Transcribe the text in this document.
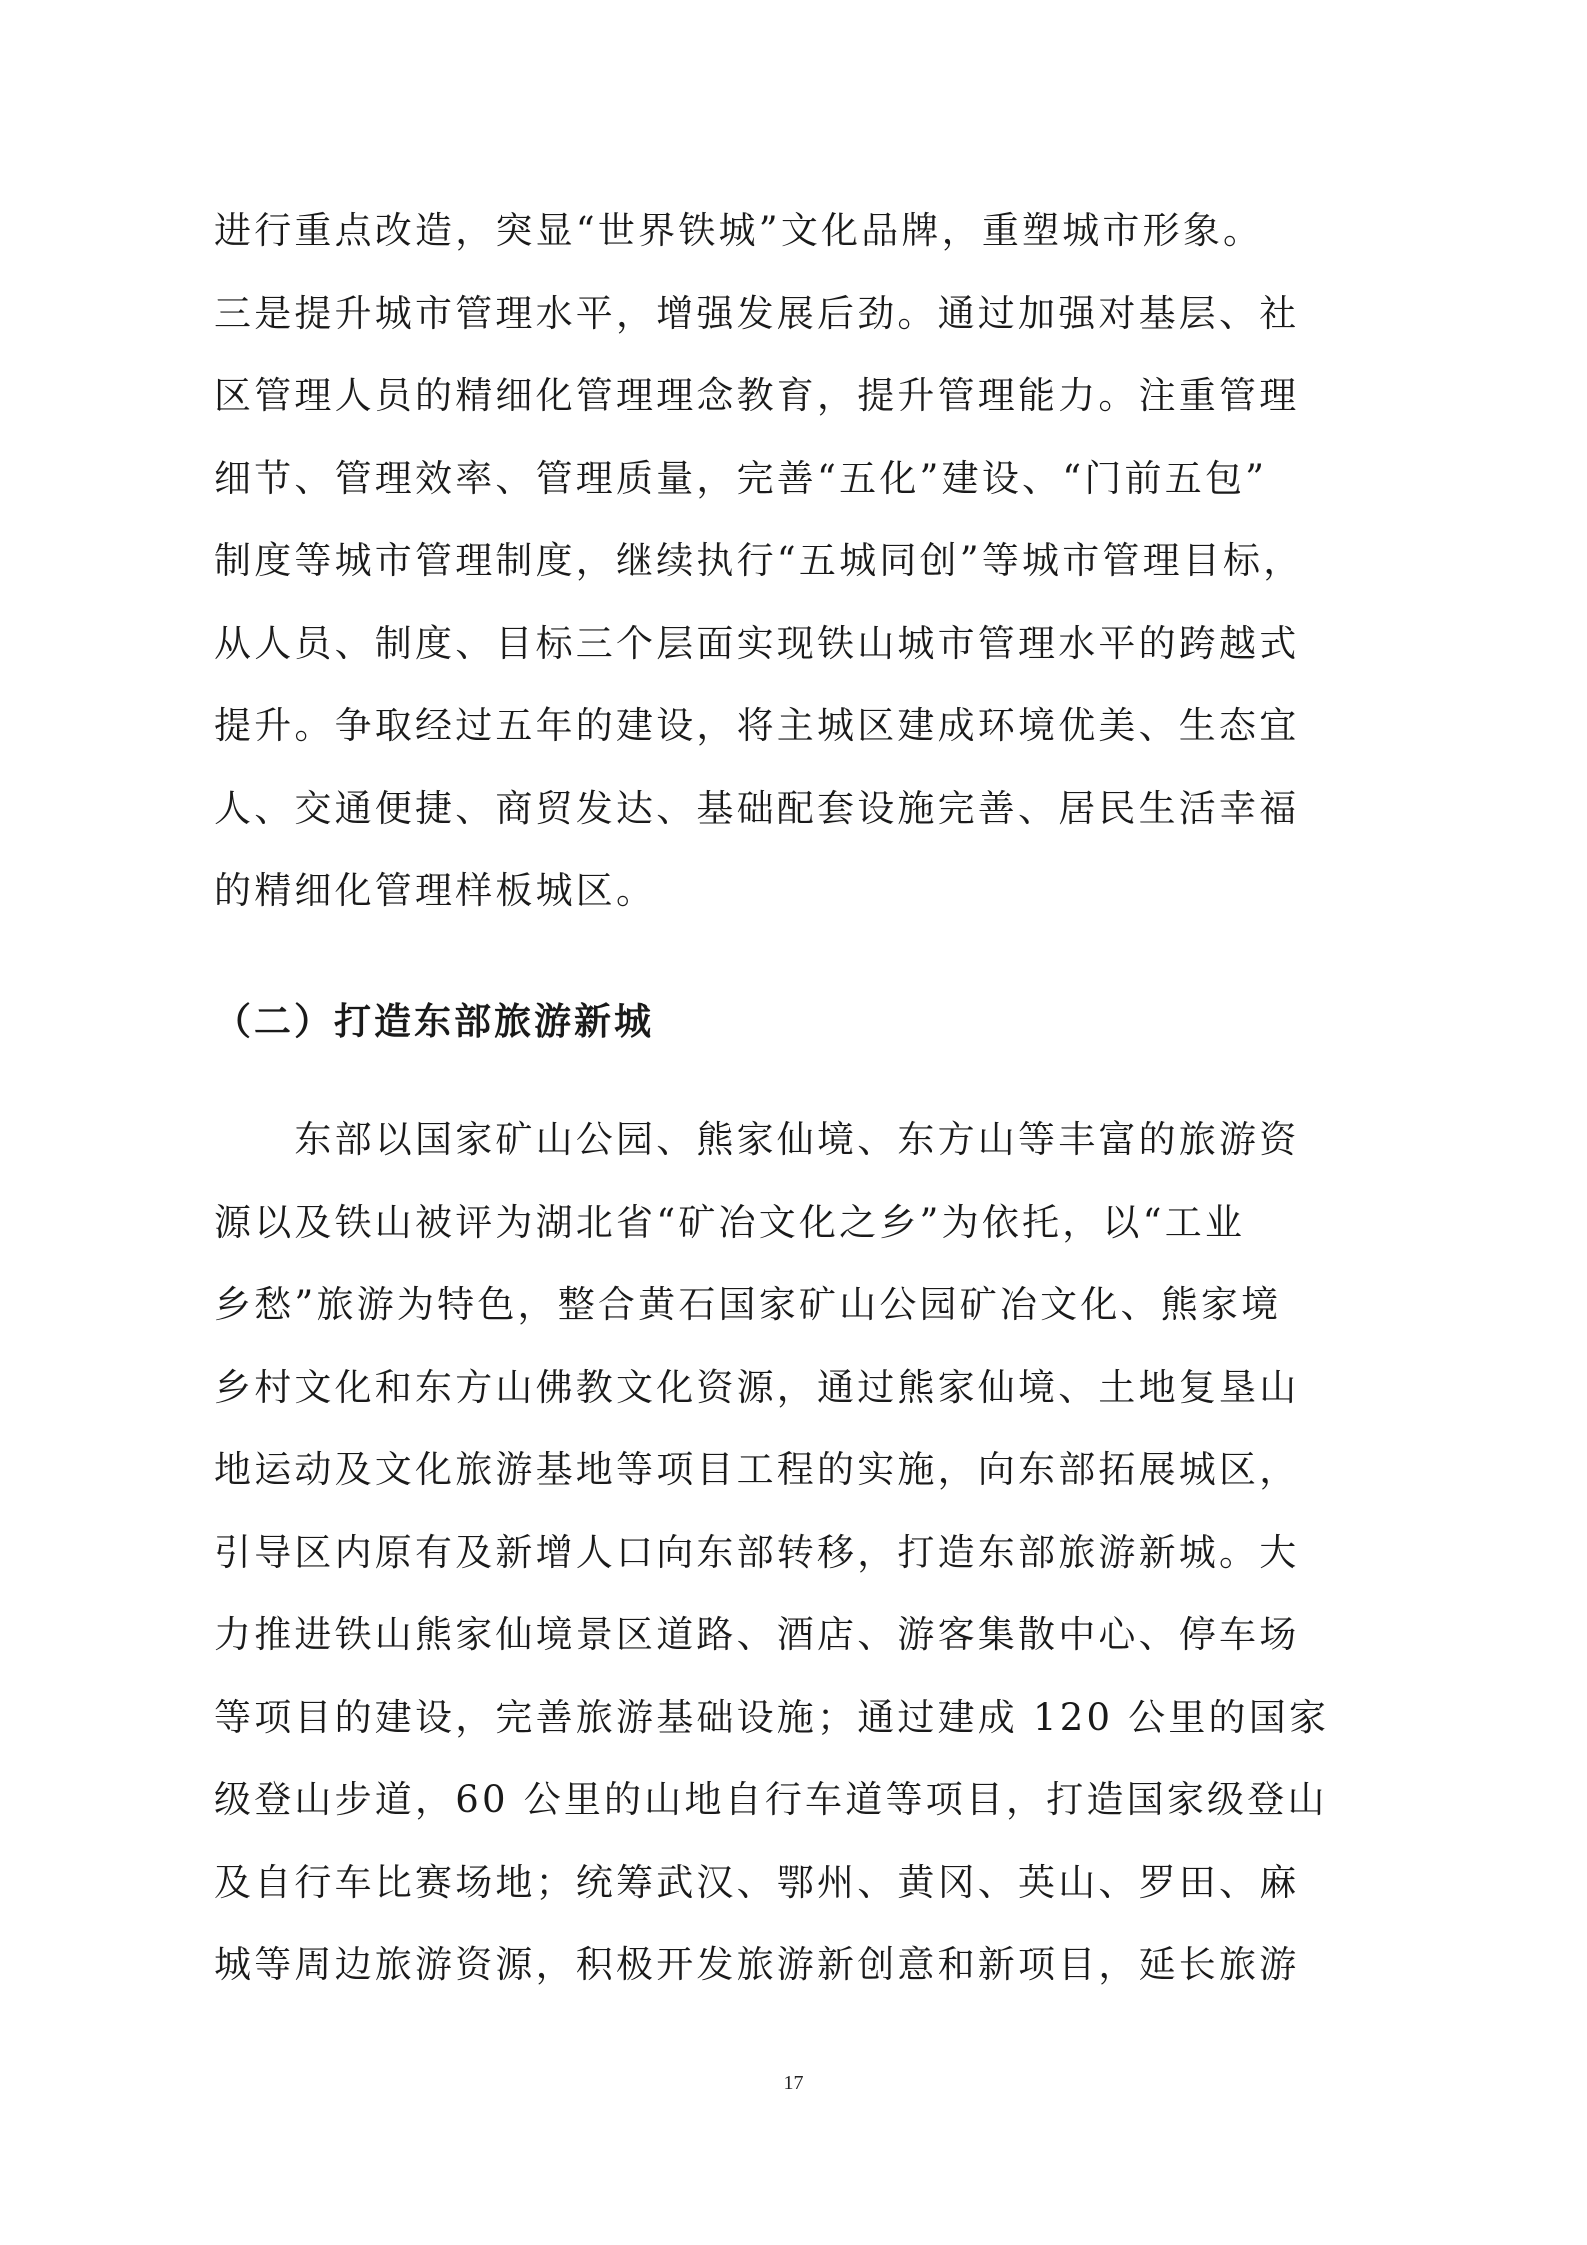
进行重点改造，突显“世界铁城”文化品牌，重塑城市形象。
三是提升城市管理水平，增强发展后劲。通过加强对基层、社
区管理人员的精细化管理理念教育，提升管理能力。注重管理
细节、管理效率、管理质量，完善“五化”建设、“门前五包”
制度等城市管理制度，继续执行“五城同创”等城市管理目标，
从人员、制度、目标三个层面实现铁山城市管理水平的跨越式
提升。争取经过五年的建设，将主城区建成环境优美、生态宜
人、交通便捷、商贸发达、基础配套设施完善、居民生活幸福
的精细化管理样板城区。
（二）打造东部旅游新城
　　东部以国家矿山公园、熊家仙境、东方山等丰富的旅游资
源以及铁山被评为湖北省“矿冶文化之乡”为依托，以“工业
乡愁”旅游为特色，整合黄石国家矿山公园矿冶文化、熊家境
乡村文化和东方山佛教文化资源，通过熊家仙境、土地复垦山
地运动及文化旅游基地等项目工程的实施，向东部拓展城区，
引导区内原有及新增人口向东部转移，打造东部旅游新城。大
力推进铁山熊家仙境景区道路、酒店、游客集散中心、停车场
等项目的建设，完善旅游基础设施；通过建成 120 公里的国家
级登山步道，60 公里的山地自行车道等项目，打造国家级登山
及自行车比赛场地；统筹武汉、鄂州、黄冈、英山、罗田、麻
城等周边旅游资源，积极开发旅游新创意和新项目，延长旅游
17
